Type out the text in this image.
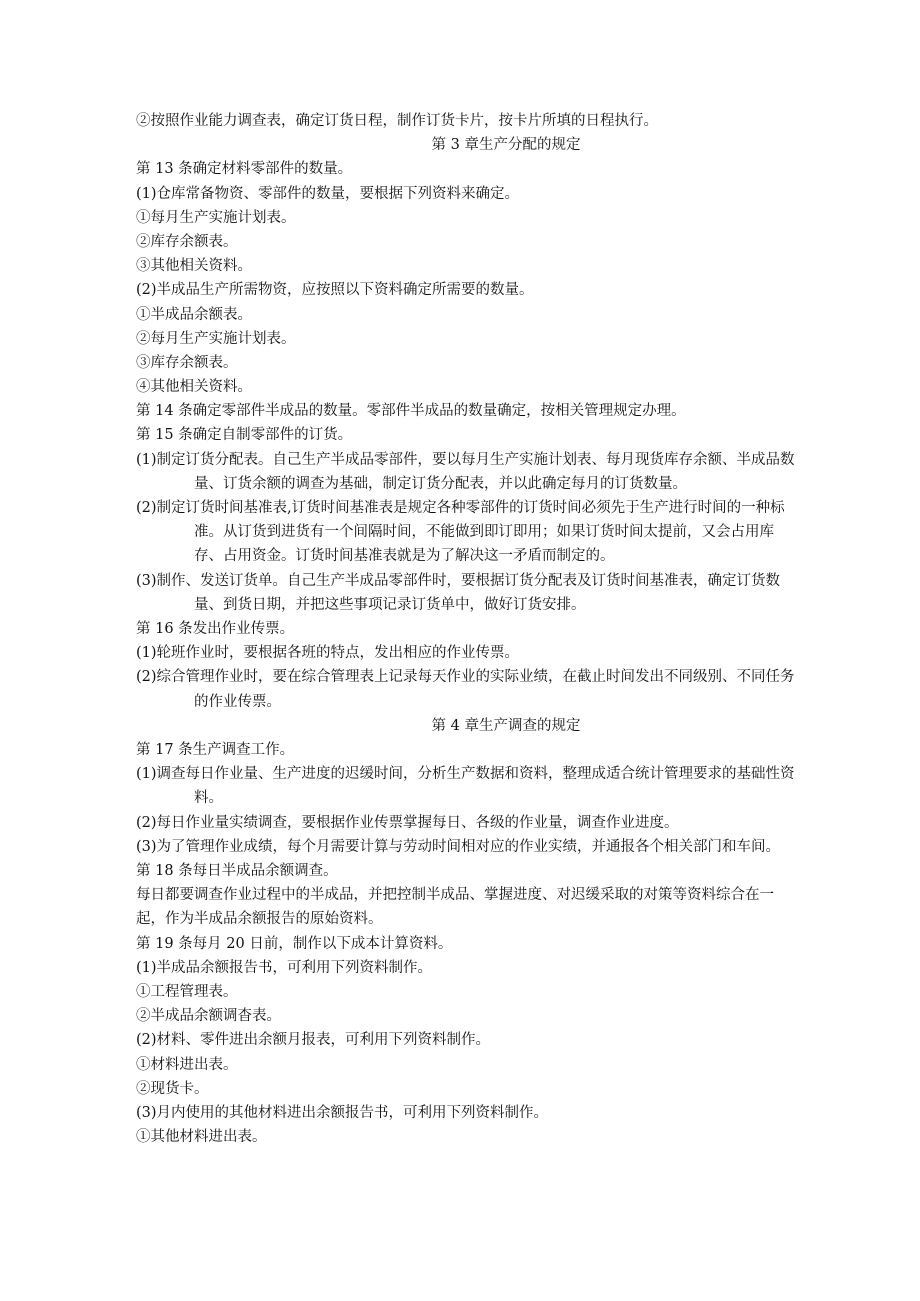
②按照作业能力调查表，确定订货日程，制作订货卡片，按卡片所填的日程执行。
第 3 章生产分配的规定
第 13 条确定材料零部件的数量。
(1)仓库常备物资、零部件的数量，要根据下列资料来确定。
①每月生产实施计划表。
②库存余额表。
③其他相关资料。
(2)半成品生产所需物资，应按照以下资料确定所需要的数量。
①半成品余额表。
②每月生产实施计划表。
③库存余额表。
④其他相关资料。
第 14 条确定零部件半成品的数量。零部件半成品的数量确定，按相关管理规定办理。
第 15 条确定自制零部件的订货。
(1)制定订货分配表。自己生产半成品零部件，要以每月生产实施计划表、每月现货库存余额、半成品数量、订货余额的调查为基础，制定订货分配表，并以此确定每月的订货数量。
(2)制定订货时间基准表,订货时间基准表是规定各种零部件的订货时间必须先于生产进行时间的一种标准。从订货到进货有一个间隔时间，不能做到即订即用；如果订货时间太提前，又会占用库存、占用资金。订货时间基准表就是为了解决这一矛盾而制定的。
(3)制作、发送订货单。自己生产半成品零部件时，要根据订货分配表及订货时间基准表，确定订货数量、到货日期，并把这些事项记录订货单中，做好订货安排。
第 16 条发出作业传票。
(1)轮班作业时，要根据各班的特点，发出相应的作业传票。
(2)综合管理作业时，要在综合管理表上记录每天作业的实际业绩，在截止时间发出不同级别、不同任务的作业传票。
第 4 章生产调查的规定
第 17 条生产调查工作。
(1)调查每日作业量、生产进度的迟缓时间，分析生产数据和资料，整理成适合统计管理要求的基础性资料。
(2)每日作业量实绩调查，要根据作业传票掌握每日、各级的作业量，调查作业进度。
(3)为了管理作业成绩，每个月需要计算与劳动时间相对应的作业实绩，并通报各个相关部门和车间。
第 18 条每日半成品余额调查。
每日都要调查作业过程中的半成品，并把控制半成品、掌握进度、对迟缓采取的对策等资料综合在一起，作为半成品余额报告的原始资料。
第 19 条每月 20 日前，制作以下成本计算资料。
(1)半成品余额报告书，可利用下列资料制作。
①工程管理表。
②半成品余额调杳表。
(2)材料、零件进出余额月报表，可利用下列资料制作。
①材料进出表。
②现货卡。
(3)月内使用的其他材料进出余额报告书，可利用下列资料制作。
①其他材料进出表。
